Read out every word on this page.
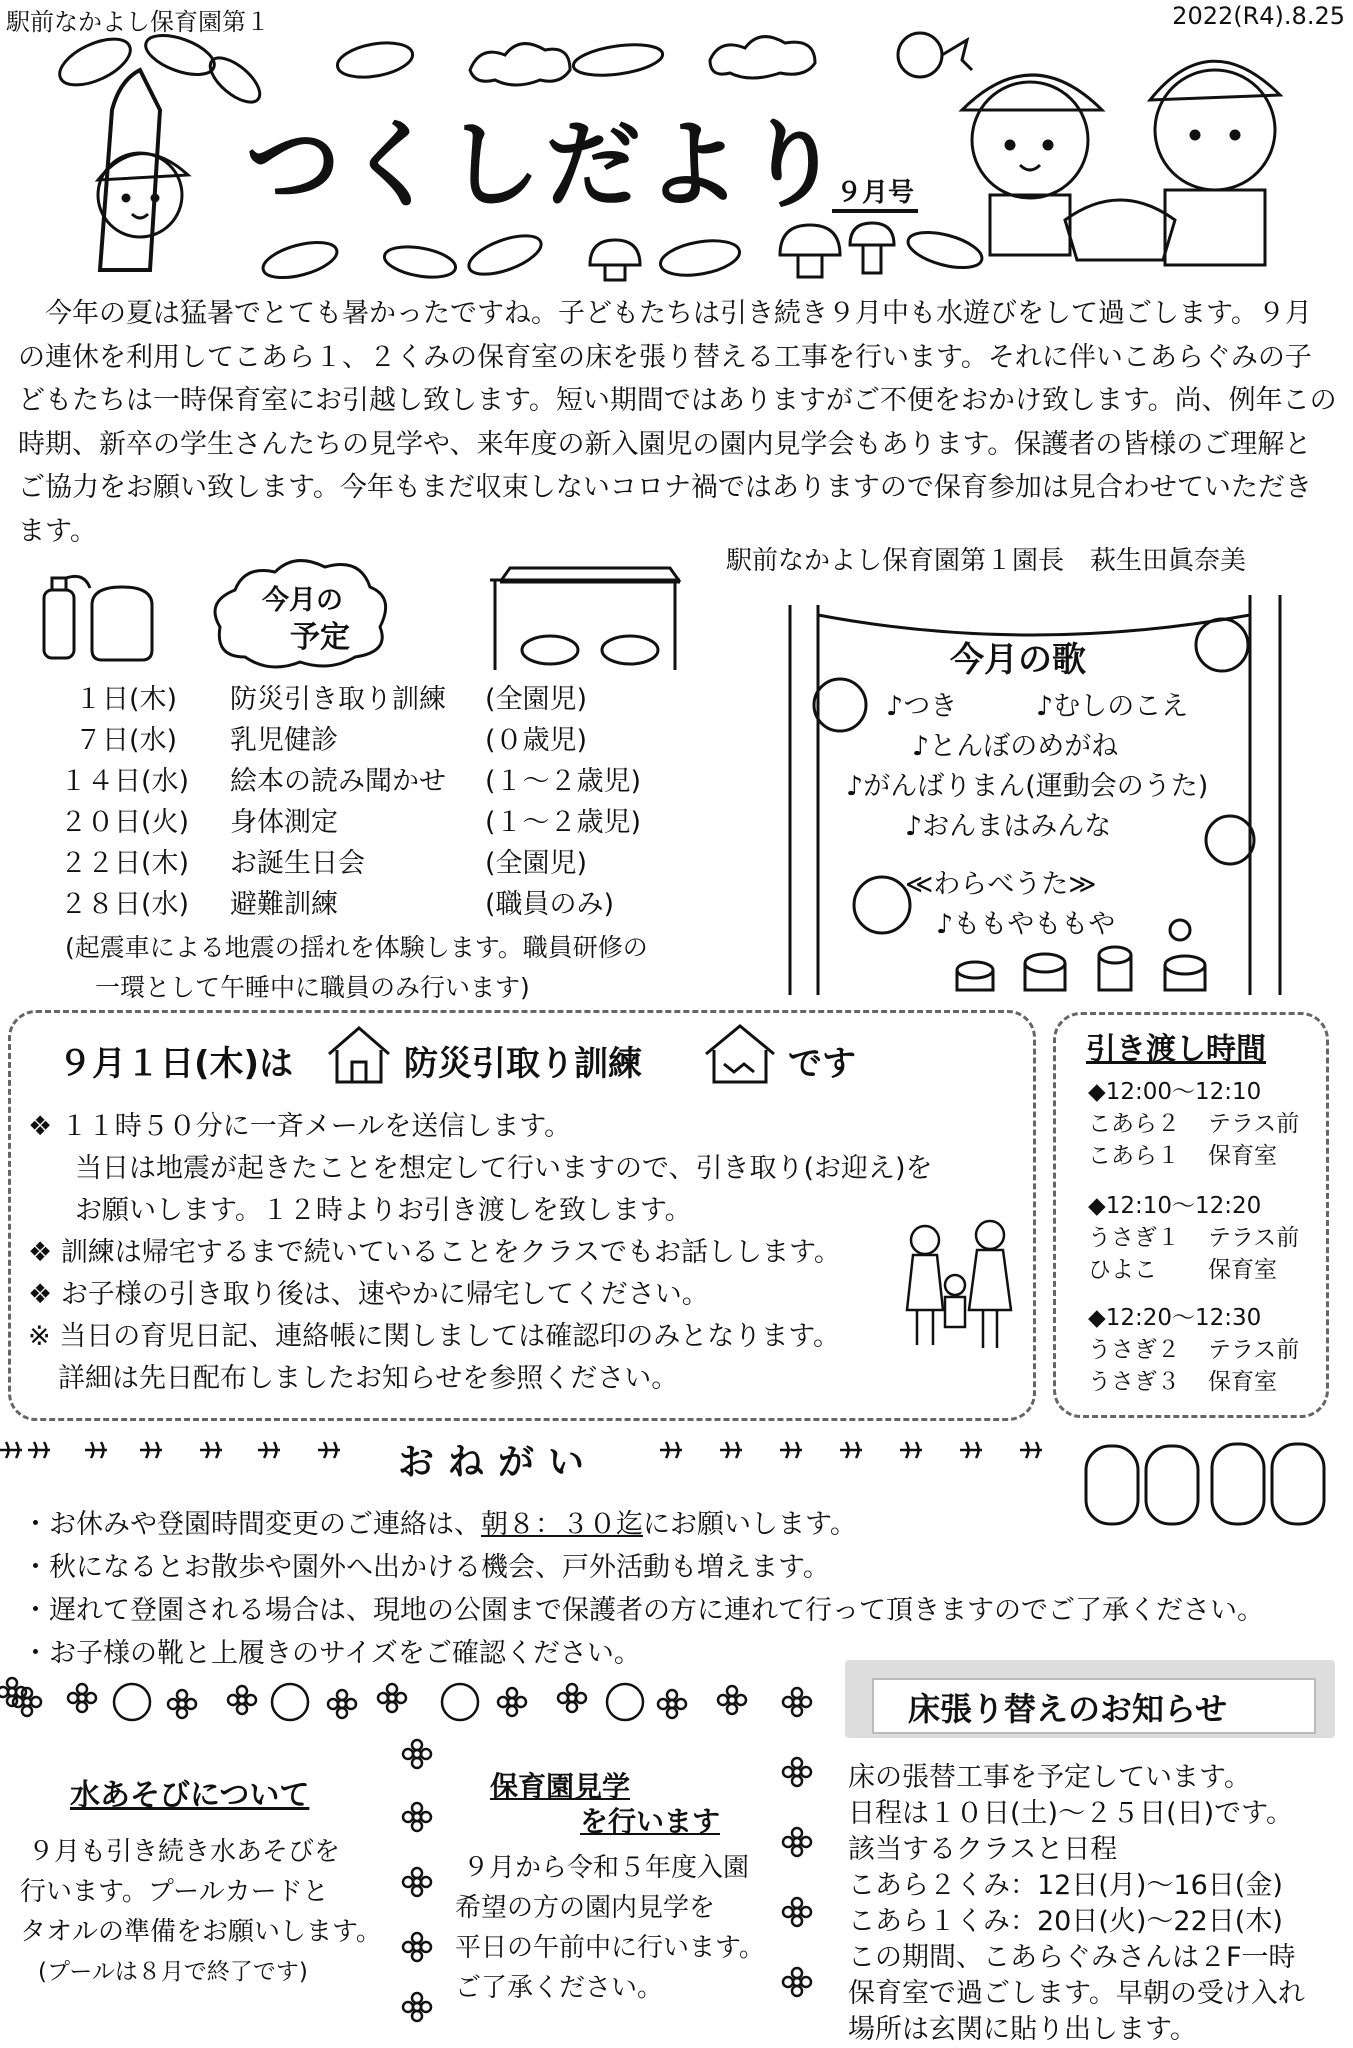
駅前なかよし保育園第１	2022(R4).8.25
つくしだより
９月号
今年の夏は猛暑でとても暑かったですね。子どもたちは引き続き９月中も水遊びをして過ごします。９月の連休を利用してこあら１、２くみの保育室の床を張り替える工事を行います。それに伴いこあらぐみの子どもたちは一時保育室にお引越し致します。短い期間ではありますがご不便をおかけ致します。尚、例年この時期、新卒の学生さんたちの見学や、来年度の新入園児の園内見学会もあります。保護者の皆様のご理解とご協力をお願い致します。今年もまだ収束しないコロナ禍ではありますので保育参加は見合わせていただきます。
駅前なかよし保育園第１園長　萩生田眞奈美
今月の
予定
１日(木) 防災引き取り訓練 (全園児)
７日(水) 乳児健診	(０歳児)
１４日(水) 絵本の読み聞かせ (１～２歳児)
２０日(火) 身体測定	(１～２歳児)
２２日(木) お誕生日会	(全園児)
２８日(水) 避難訓練	(職員のみ)
(起震車による地震の揺れを体験します。職員研修の
一環として午睡中に職員のみ行います)
今月の歌
♪つき	♪むしのこえ
♪とんぼのめがね
♪がんばりまん(運動会のうた)
♪おんまはみんな
≪わらべうた≫
♪ももやももや
９月１日(木)は	防災引取り訓練	です
❖ １１時５０分に一斉メールを送信します。
当日は地震が起きたことを想定して行いますので、引き取り(お迎え)を
お願いします。１２時よりお引き渡しを致します。
❖ 訓練は帰宅するまで続いていることをクラスでもお話しします。
❖ お子様の引き取り後は、速やかに帰宅してください。
※ 当日の育児日記、連絡帳に関しましては確認印のみとなります。
詳細は先日配布しましたお知らせを参照ください。
引き渡し時間
◆12:00～12:10
こあら２ テラス前
こあら１ 保育室
◆12:10～12:20
うさぎ１ テラス前
ひよこ 保育室
◆12:20～12:30
うさぎ２ テラス前
うさぎ３ 保育室
おねがい
・お休みや登園時間変更のご連絡は、朝８：３０迄にお願いします。
・秋になるとお散歩や園外へ出かける機会、戸外活動も増えます。
・遅れて登園される場合は、現地の公園まで保護者の方に連れて行って頂きますのでご了承ください。
・お子様の靴と上履きのサイズをご確認ください。
水あそびについて
９月も引き続き水あそびを
行います。プールカードと
タオルの準備をお願いします。
(プールは８月で終了です)
保育園見学
を行います
９月から令和５年度入園
希望の方の園内見学を
平日の午前中に行います。
ご了承ください。
床張り替えのお知らせ
床の張替工事を予定しています。
日程は１０日(土)～２５日(日)です。
該当するクラスと日程
こあら２くみ：12日(月)～16日(金)
こあら１くみ：20日(火)～22日(木)
この期間、こあらぐみさんは２F一時
保育室で過ごします。早朝の受け入れ
場所は玄関に貼り出します。
